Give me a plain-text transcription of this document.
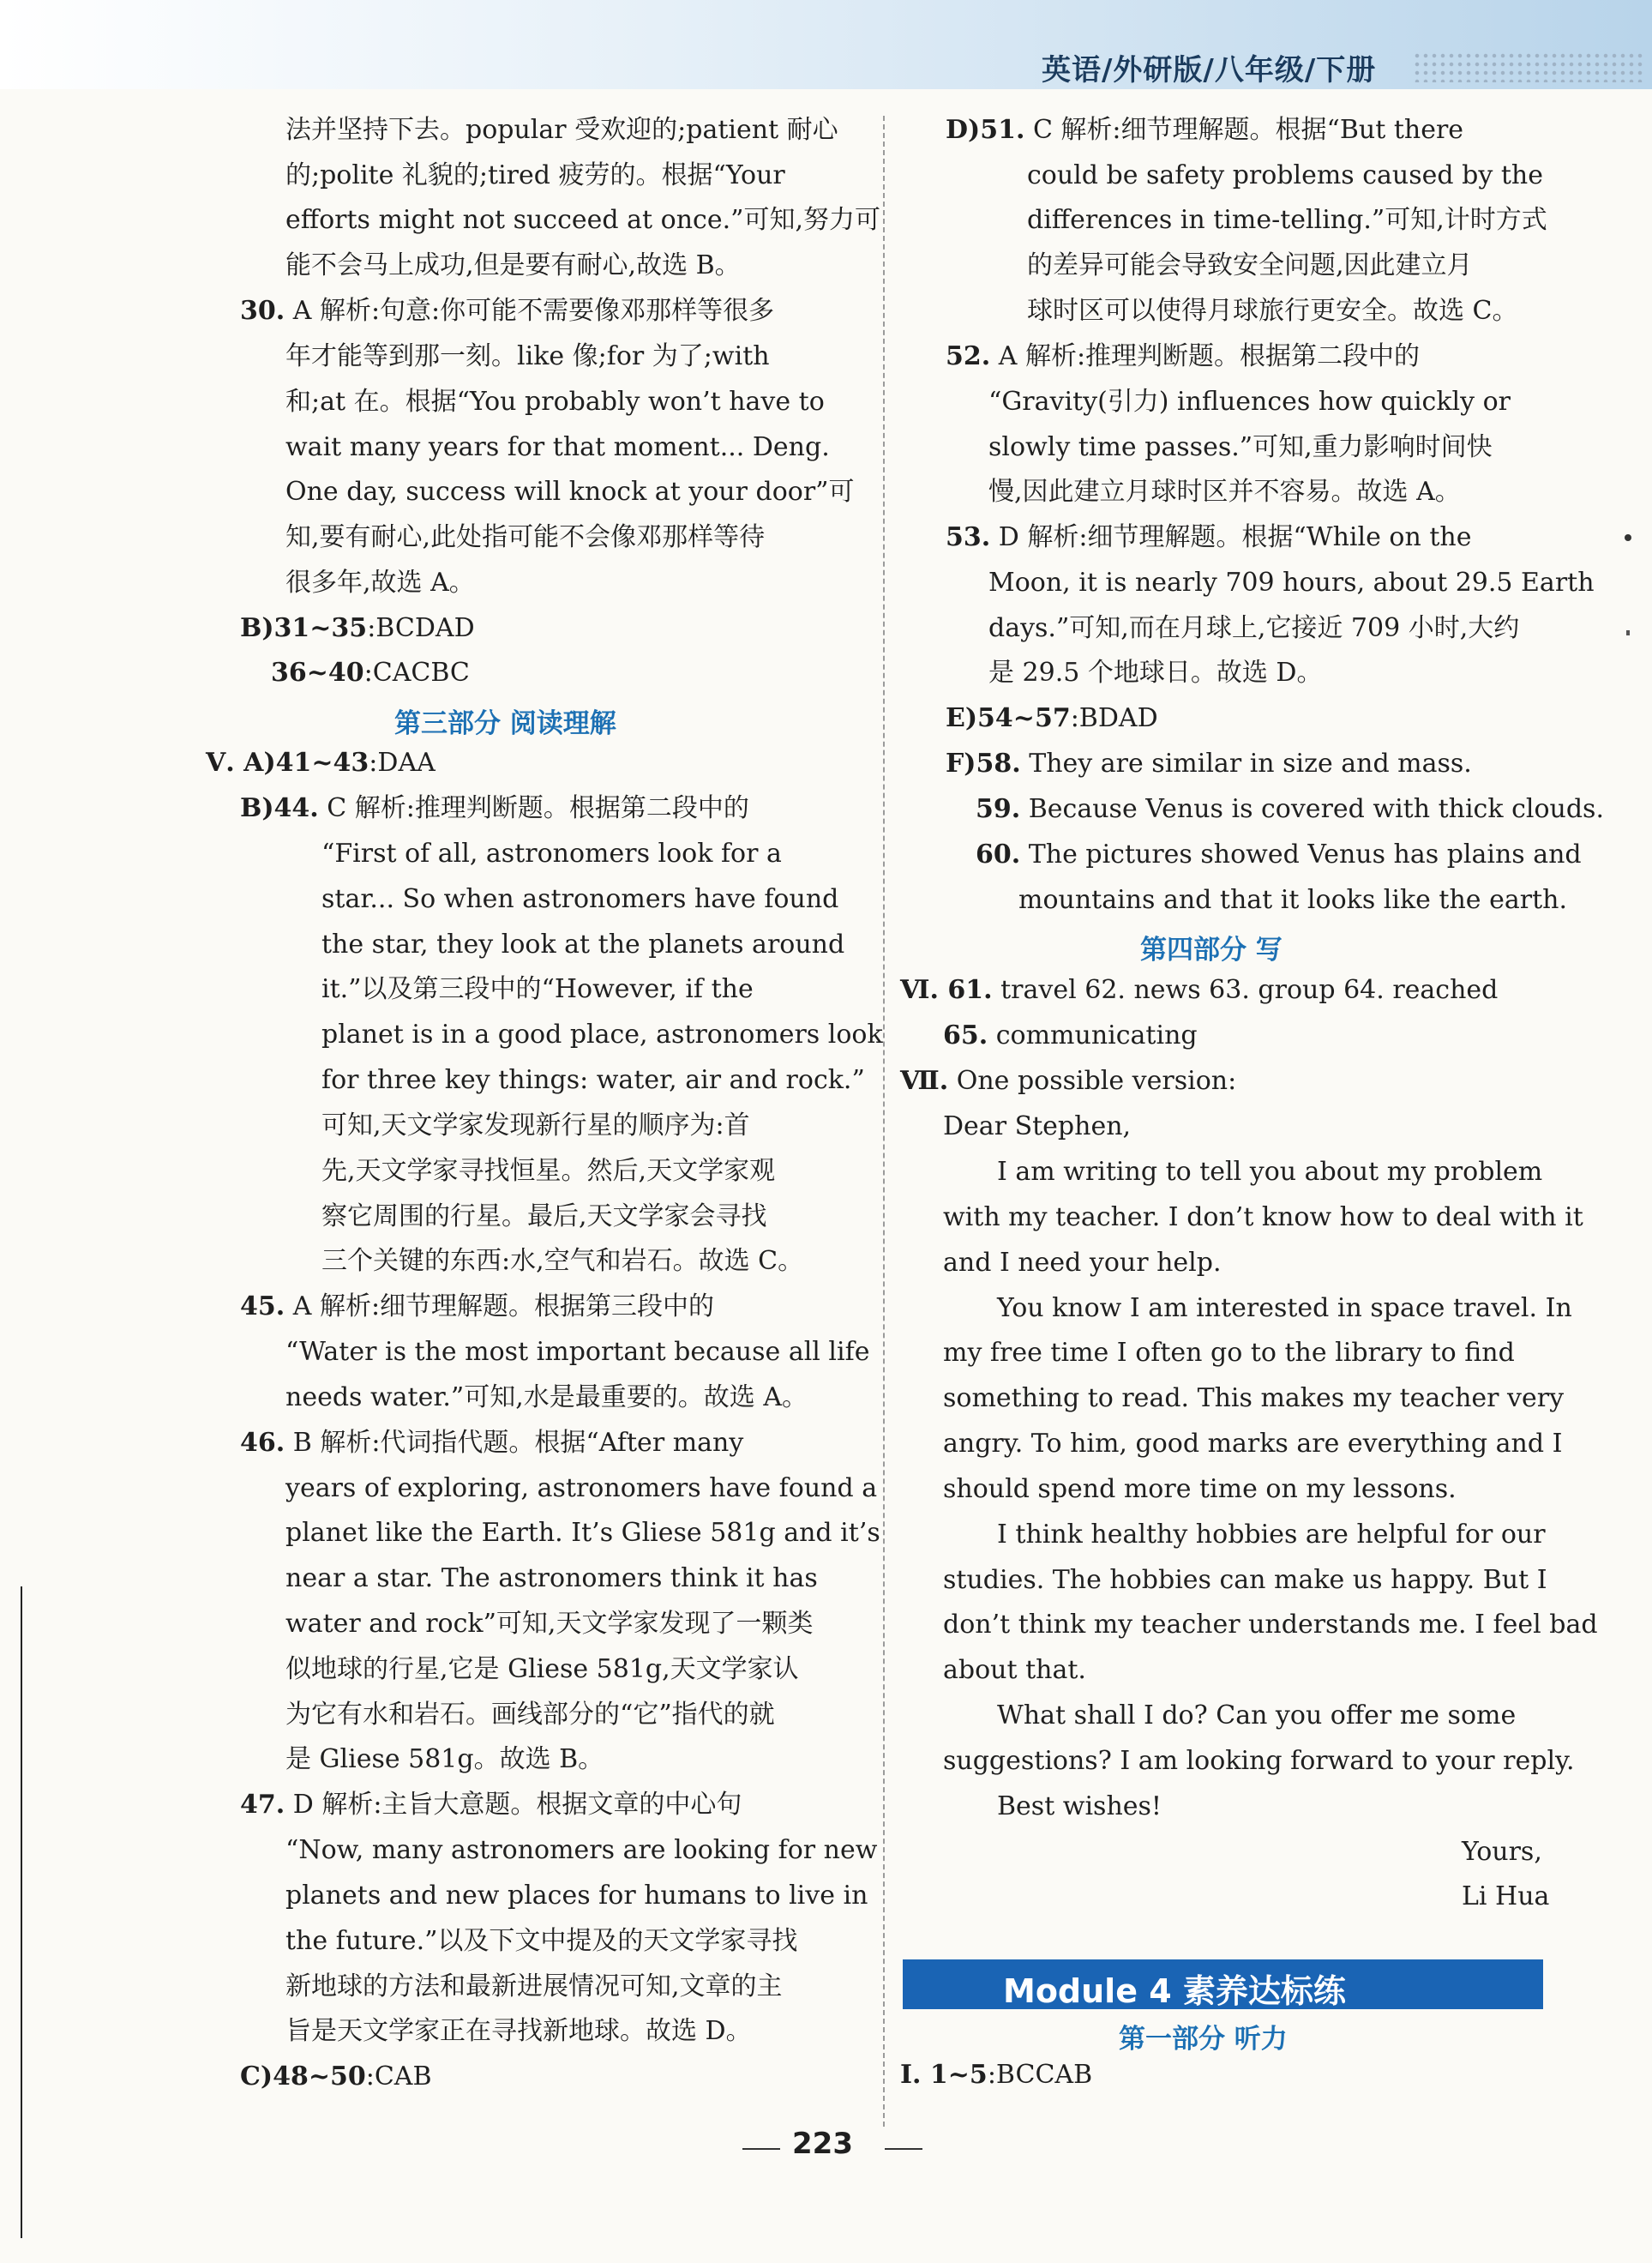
英语/外研版/八年级/下册
法并坚持下去。popular 受欢迎的;patient 耐心
的;polite 礼貌的;tired 疲劳的。根据“Your
efforts might not succeed at once.”可知,努力可
能不会马上成功,但是要有耐心,故选 B。
30. A 解析:句意:你可能不需要像邓那样等很多
年才能等到那一刻。like 像;for 为了;with
和;at 在。根据“You probably won’t have to
wait many years for that moment... Deng.
One day, success will knock at your door”可
知,要有耐心,此处指可能不会像邓那样等待
很多年,故选 A。
B)31~35:BCDAD
36~40:CACBC
Ⅴ. A)41~43:DAA
B)44. C 解析:推理判断题。根据第二段中的
“First of all, astronomers look for a
star... So when astronomers have found
the star, they look at the planets around
it.”以及第三段中的“However, if the
planet is in a good place, astronomers look
for three key things: water, air and rock.”
可知,天文学家发现新行星的顺序为:首
先,天文学家寻找恒星。然后,天文学家观
察它周围的行星。最后,天文学家会寻找
三个关键的东西:水,空气和岩石。故选 C。
45. A 解析:细节理解题。根据第三段中的
“Water is the most important because all life
needs water.”可知,水是最重要的。故选 A。
46. B 解析:代词指代题。根据“After many
years of exploring, astronomers have found a
planet like the Earth. It’s Gliese 581g and it’s
near a star. The astronomers think it has
water and rock”可知,天文学家发现了一颗类
似地球的行星,它是 Gliese 581g,天文学家认
为它有水和岩石。画线部分的“它”指代的就
是 Gliese 581g。故选 B。
47. D 解析:主旨大意题。根据文章的中心句
“Now, many astronomers are looking for new
planets and new places for humans to live in
the future.”以及下文中提及的天文学家寻找
新地球的方法和最新进展情况可知,文章的主
旨是天文学家正在寻找新地球。故选 D。
C)48~50:CAB
D)51. C 解析:细节理解题。根据“But there
could be safety problems caused by the
differences in time-telling.”可知,计时方式
的差异可能会导致安全问题,因此建立月
球时区可以使得月球旅行更安全。故选 C。
52. A 解析:推理判断题。根据第二段中的
“Gravity(引力) influences how quickly or
slowly time passes.”可知,重力影响时间快
慢,因此建立月球时区并不容易。故选 A。
53. D 解析:细节理解题。根据“While on the
Moon, it is nearly 709 hours, about 29.5 Earth
days.”可知,而在月球上,它接近 709 小时,大约
是 29.5 个地球日。故选 D。
E)54~57:BDAD
F)58. They are similar in size and mass.
59. Because Venus is covered with thick clouds.
60. The pictures showed Venus has plains and
mountains and that it looks like the earth.
Ⅵ. 61. travel 62. news 63. group 64. reached
65. communicating
Ⅶ. One possible version:
Dear Stephen,
I am writing to tell you about my problem
with my teacher. I don’t know how to deal with it
and I need your help.
You know I am interested in space travel. In
my free time I often go to the library to find
something to read. This makes my teacher very
angry. To him, good marks are everything and I
should spend more time on my lessons.
I think healthy hobbies are helpful for our
studies. The hobbies can make us happy. But I
don’t think my teacher understands me. I feel bad
about that.
What shall I do? Can you offer me some
suggestions? I am looking forward to your reply.
Best wishes!
Yours,
Li Hua
Ⅰ. 1~5:BCCAB
第三部分 阅读理解
第四部分 写
Module 4 素养达标练
第一部分 听力
223
